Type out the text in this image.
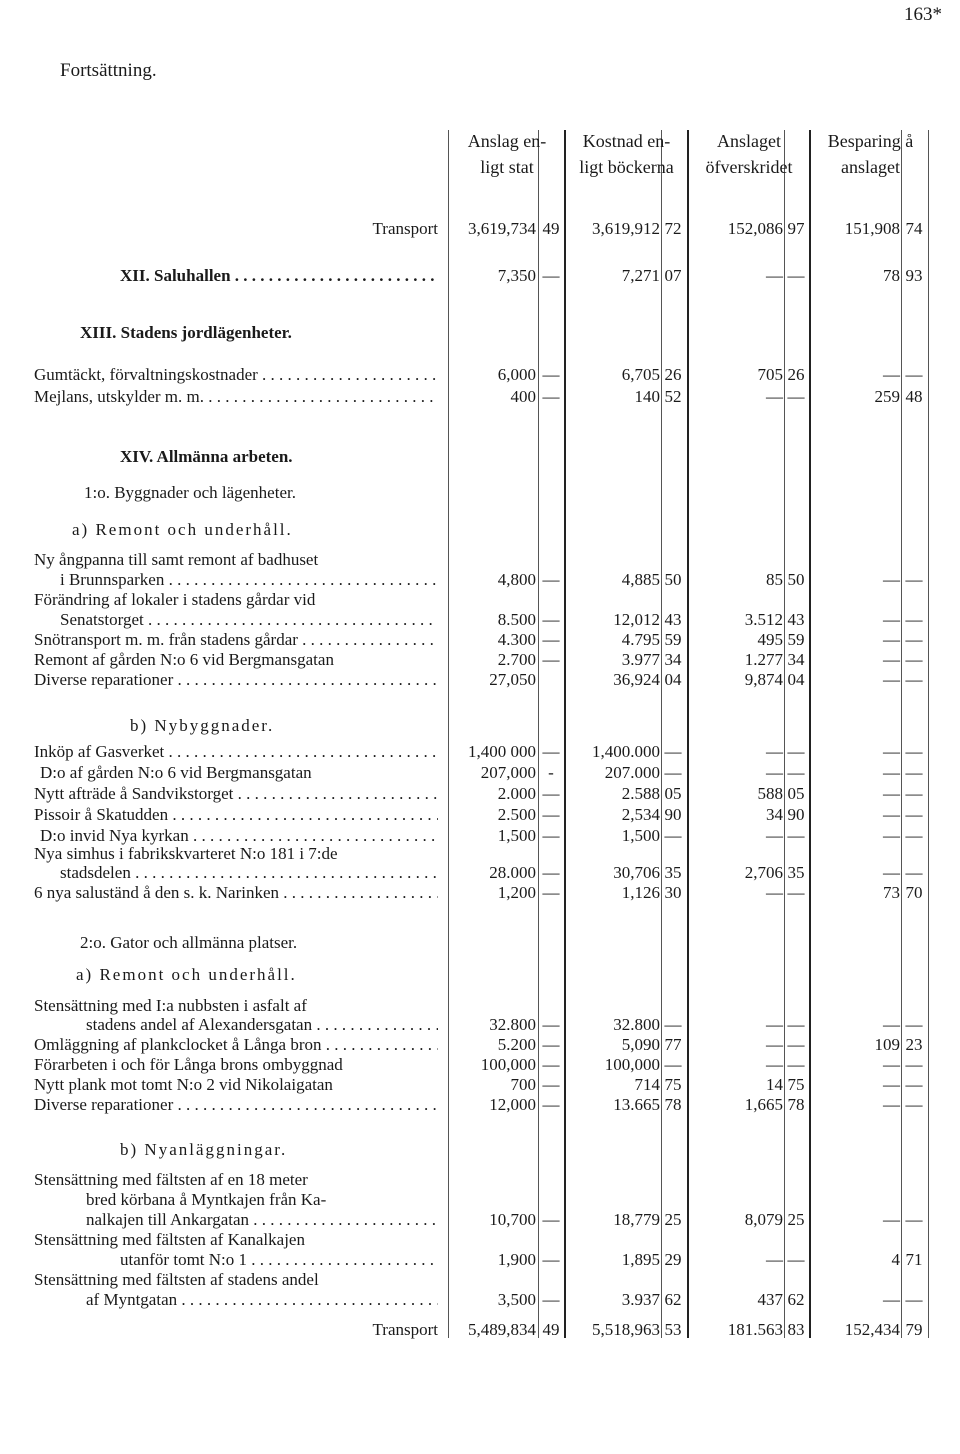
163*
Fortsättning.
Anslag en-
ligt stat
Kostnad en-
ligt böckerna
Anslaget
öfverskridet
Besparing å
anslaget
Transport	3,619,734 49	3,619,912 72	152,086 97	151,908 74
XII. Saluhallen . . .	7,350 —	7,271 07	— —	78 93
XIII. Stadens jordlägenheter.
Gumtäckt, förvaltningskostnader . . .	6,000 —	6,705 26	705 26	— —
Mejlans, utskylder m. m. . . .	400 —	140 52	— —	259 48
XIV. Allmänna arbeten.
1:o. Byggnader och lägenheter.
a) Remont och underhåll.
Ny ångpanna till samt remont af badhuset
i Brunnsparken . . .	4,800 —	4,885 50	85 50	— —
Förändring af lokaler i stadens gårdar vid
Senatstorget . . .	8.500 —	12,012 43	3.512 43	— —
Snötransport m. m. från stadens gårdar . . .	4.300 —	4.795 59	495 59	— —
Remont af gården N:o 6 vid Bergmansgatan	2.700 —	3.977 34	1.277 34	— —
Diverse reparationer . . .	27,050	36,924 04	9,874 04	— —
b) Nybyggnader.
Inköp af Gasverket . . .	1,400 000 —	1,400.000 —	— —	— —
D:o af gården N:o 6 vid Bergmansgatan	207,000 -	207.000 —	— —	— —
Nytt afträde å Sandvikstorget . . .	2.000 —	2.588 05	588 05	— —
Pissoir å Skatudden . . .	2.500 —	2,534 90	34 90	— —
D:o invid Nya kyrkan . . .	1,500 —	1,500 —	— —	— —
Nya simhus i fabrikskvarteret N:o 181 i 7:de
stadsdelen . . .	28.000 —	30,706 35	2,706 35	— —
6 nya saluständ å den s. k. Narinken . . .	1,200 —	1,126 30	— —	73 70
2:o. Gator och allmänna platser.
a) Remont och underhåll.
Stensättning med I:a nubbsten i asfalt af
stadens andel af Alexandersgatan . . .	32.800 —	32.800 —	— —	— —
Omläggning af plankclocket å Långa bron . . .	5.200 —	5,090 77	— —	109 23
Förarbeten i och för Långa brons ombyggnad	100,000 —	100,000 —	— —	— —
Nytt plank mot tomt N:o 2 vid Nikolaigatan	700 —	714 75	14 75	— —
Diverse reparationer . . .	12,000 —	13.665 78	1,665 78	— —
b) Nyanläggningar.
Stensättning med fältsten af en 18 meter
bred körbana å Myntkajen från Ka-
nalkajen till Ankargatan . . .	10,700 —	18,779 25	8,079 25	— —
Stensättning med fältsten af Kanalkajen
utanför tomt N:o 1 . . .	1,900 —	1,895 29	— —	4 71
Stensättning med fältsten af stadens andel
af Myntgatan . . .	3,500 —	3.937 62	437 62	— —
Transport	5,489,834 49	5,518,963 53	181.563 83	152,434 79
